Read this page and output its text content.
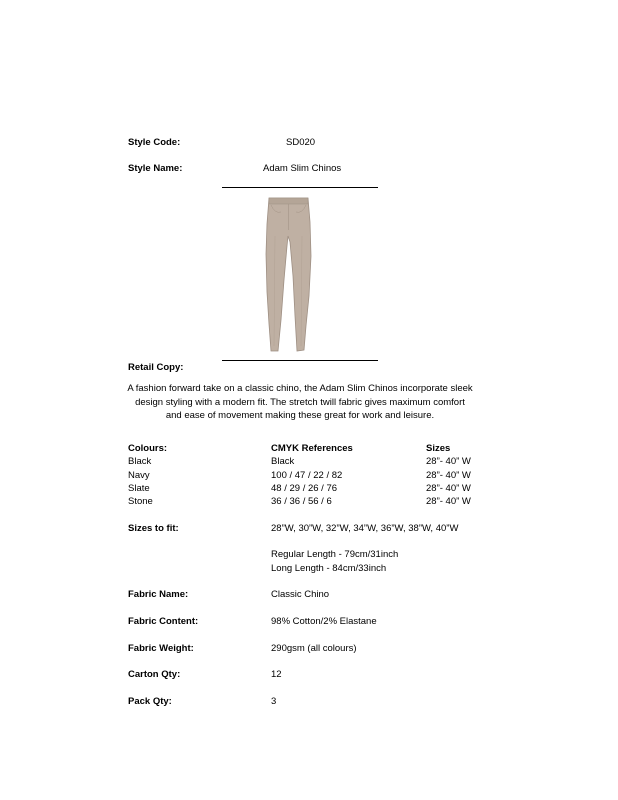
Style Code:	SD020
Style Name:	Adam Slim Chinos
Retail Copy:
A fashion forward take on a classic chino, the Adam Slim Chinos incorporate sleek
design styling with a modern fit. The stretch twill fabric gives maximum comfort
and ease of movement making these great for work and leisure.
Colours:	CMYK References	Sizes
Black	Black	28”- 40” W
Navy	100 / 47 / 22 / 82	28”- 40” W
Slate	48 / 29 / 26 / 76	28”- 40” W
Stone	36 / 36 / 56 / 6	28”- 40” W
Sizes to fit:	28”W, 30”W, 32”W, 34”W, 36”W, 38”W, 40”W
Regular Length - 79cm/31inch
Long Length - 84cm/33inch
Fabric Name:	Classic Chino
Fabric Content:	98% Cotton/2% Elastane
Fabric Weight:	290gsm (all colours)
Carton Qty:	12
Pack Qty:	3
